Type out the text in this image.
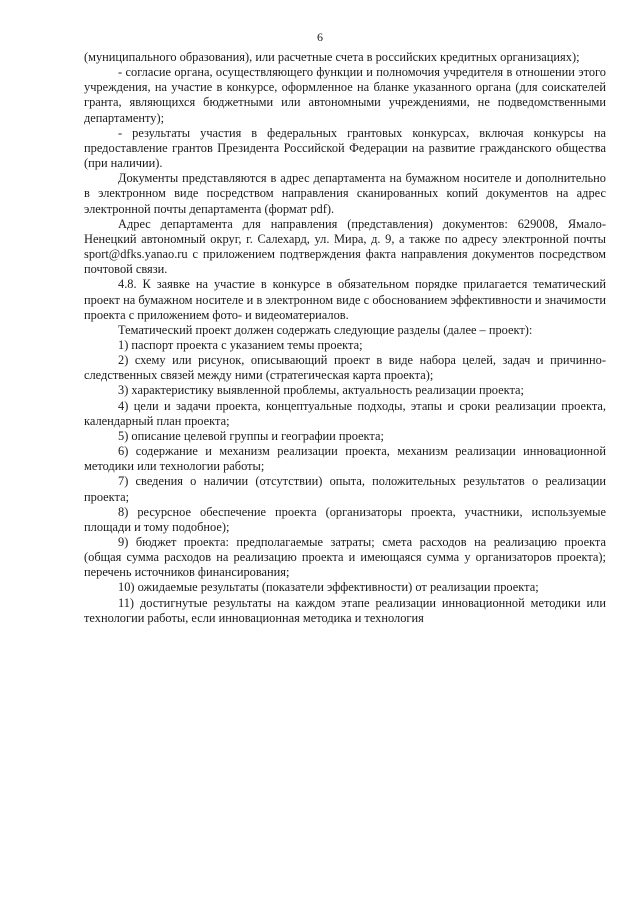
6

(муниципального образования), или расчетные счета в российских кредитных организациях);

- согласие органа, осуществляющего функции и полномочия учредителя в отношении этого учреждения, на участие в конкурсе, оформленное на бланке указанного органа (для соискателей гранта, являющихся бюджетными или автономными учреждениями, не подведомственными департаменту);

- результаты участия в федеральных грантовых конкурсах, включая конкурсы на предоставление грантов Президента Российской Федерации на развитие гражданского общества (при наличии).

Документы представляются в адрес департамента на бумажном носителе и дополнительно в электронном виде посредством направления сканированных копий документов на адрес электронной почты департамента (формат pdf).

Адрес департамента для направления (представления) документов: 629008, Ямало-Ненецкий автономный округ, г. Салехард, ул. Мира, д. 9, а также по адресу электронной почты sport@dfks.yanao.ru с приложением подтверждения факта направления документов посредством почтовой связи.

4.8. К заявке на участие в конкурсе в обязательном порядке прилагается тематический проект на бумажном носителе и в электронном виде с обоснованием эффективности и значимости проекта с приложением фото- и видеоматериалов.

Тематический проект должен содержать следующие разделы (далее – проект):

1) паспорт проекта с указанием темы проекта;

2) схему или рисунок, описывающий проект в виде набора целей, задач и причинно-следственных связей между ними (стратегическая карта проекта);

3) характеристику выявленной проблемы, актуальность реализации проекта;

4) цели и задачи проекта, концептуальные подходы, этапы и сроки реализации проекта, календарный план проекта;

5) описание целевой группы и географии проекта;

6) содержание и механизм реализации проекта, механизм реализации инновационной методики или технологии работы;

7) сведения о наличии (отсутствии) опыта, положительных результатов о реализации проекта;

8) ресурсное обеспечение проекта (организаторы проекта, участники, используемые площади и тому подобное);

9) бюджет проекта: предполагаемые затраты; смета расходов на реализацию проекта (общая сумма расходов на реализацию проекта и имеющаяся сумма у организаторов проекта); перечень источников финансирования;

10) ожидаемые результаты (показатели эффективности) от реализации проекта;

11) достигнутые результаты на каждом этапе реализации инновационной методики или технологии работы, если инновационная методика и технология
